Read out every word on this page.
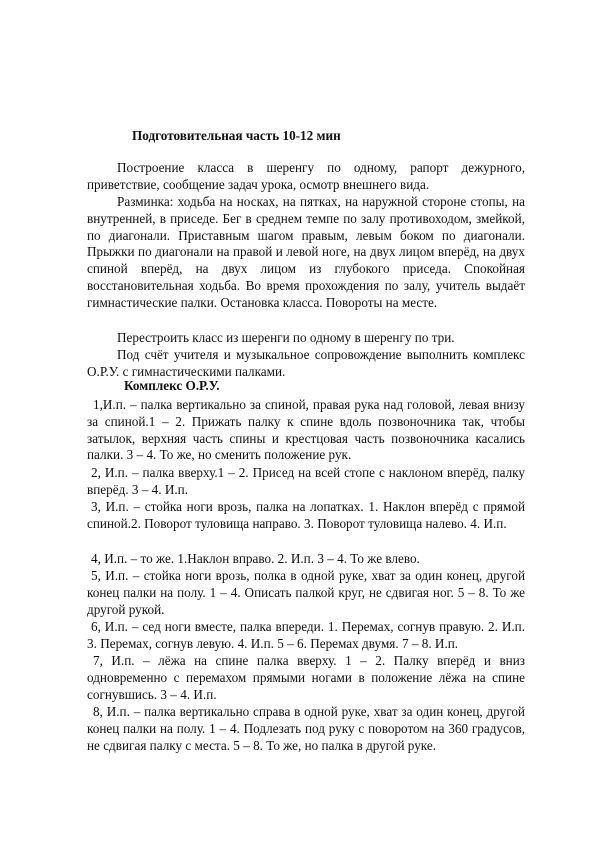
Подготовительная часть 10-12 мин
Построение класса в шеренгу по одному, рапорт дежурного, приветствие, сообщение задач урока, осмотр внешнего вида.
Разминка: ходьба на носках, на пятках, на наружной стороне стопы, на внутренней, в приседе. Бег в среднем темпе по залу противоходом, змейкой, по диагонали. Приставным шагом правым, левым боком по диагонали. Прыжки по диагонали на правой и левой ноге, на двух лицом вперёд, на двух спиной вперёд, на двух лицом из глубокого приседа. Спокойная восстановительная ходьба. Во время прохождения по залу, учитель выдаёт гимнастические палки. Остановка класса. Повороты на месте.
Перестроить класс из шеренги по одному в шеренгу по три.
Под счёт учителя и музыкальное сопровождение выполнить комплекс О.Р.У. с гимнастическими палками.
Комплекс О.Р.У.
1,И.п. – палка вертикально за спиной, правая рука над головой, левая внизу за спиной.1 – 2. Прижать палку к спине вдоль позвоночника так, чтобы затылок, верхняя часть спины и крестцовая часть позвоночника касались палки. 3 – 4. То же, но сменить положение рук.
2, И.п. – палка вверху.1 – 2. Присед на всей стопе с наклоном вперёд, палку вперёд. 3 – 4. И.п.
3, И.п. – стойка ноги врозь, палка на лопатках. 1. Наклон вперёд с прямой спиной.2. Поворот туловища направо. 3. Поворот туловища налево. 4. И.п.
4, И.п. – то же. 1.Наклон вправо. 2. И.п. 3 – 4. То же влево.
5, И.п. – стойка ноги врозь, полка в одной руке, хват за один конец, другой конец палки на полу. 1 – 4. Описать палкой круг, не сдвигая ног. 5 – 8. То же другой рукой.
6, И.п. – сед ноги вместе, палка впереди. 1. Перемах, согнув правую. 2. И.п. 3. Перемах, согнув левую. 4. И.п. 5 – 6. Перемах двумя. 7 – 8. И.п.
7, И.п. – лёжа на спине палка вверху. 1 – 2. Палку вперёд и вниз одновременно с перемахом прямыми ногами в положение лёжа на спине согнувшись. 3 – 4. И.п.
8, И.п. – палка вертикально справа в одной руке, хват за один конец, другой конец палки на полу. 1 – 4. Подлезать под руку с поворотом на 360 градусов, не сдвигая палку с места. 5 – 8. То же, но палка в другой руке.
